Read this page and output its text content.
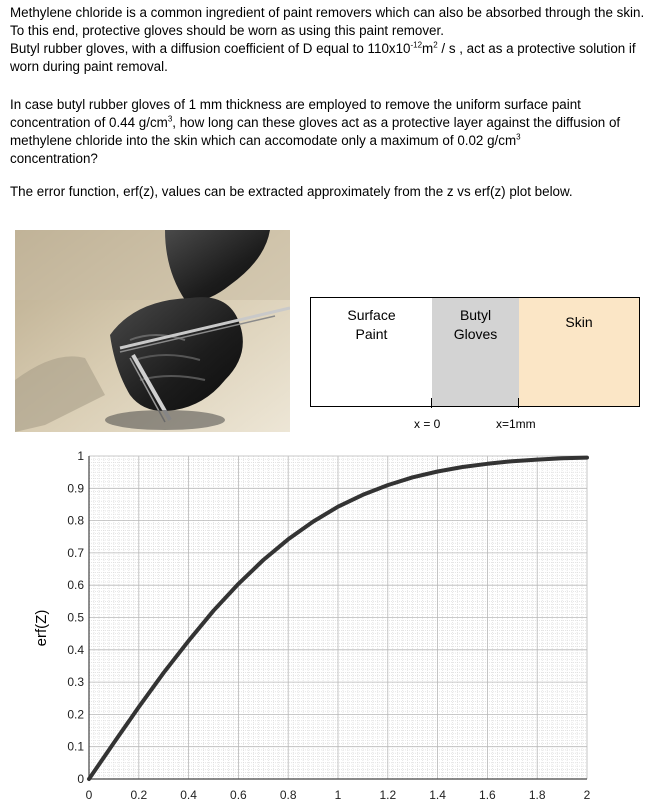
Methylene chloride is a common ingredient of paint removers which can also be absorbed through the skin. To this end, protective gloves should be worn as using this paint remover.
Butyl rubber gloves, with a diffusion coefficient of D equal to $110x10^{-12}m^2$ / s , act as a protective solution if worn during paint removal.
In case butyl rubber gloves of 1 mm thickness are employed to remove the uniform surface paint concentration of 0.44 $g/cm^3$, how long can these gloves act as a protective layer against the diffusion of methylene chloride into the skin which can accomodate only a maximum of 0.02 $g/cm^3$
concentration?
The error function, erf(z), values can be extracted approximately from the z vs erf(z) plot below.
Surface
Paint
Butyl
Gloves
Skin
x = 0	x=1mm
0	0.2	0.4	0.6	0.8	1	1.2	1.4	1.6	1.8	2
0
0.1
0.2
0.3
0.4
0.5
0.6
0.7
0.8
0.9
1
erf(Z)
